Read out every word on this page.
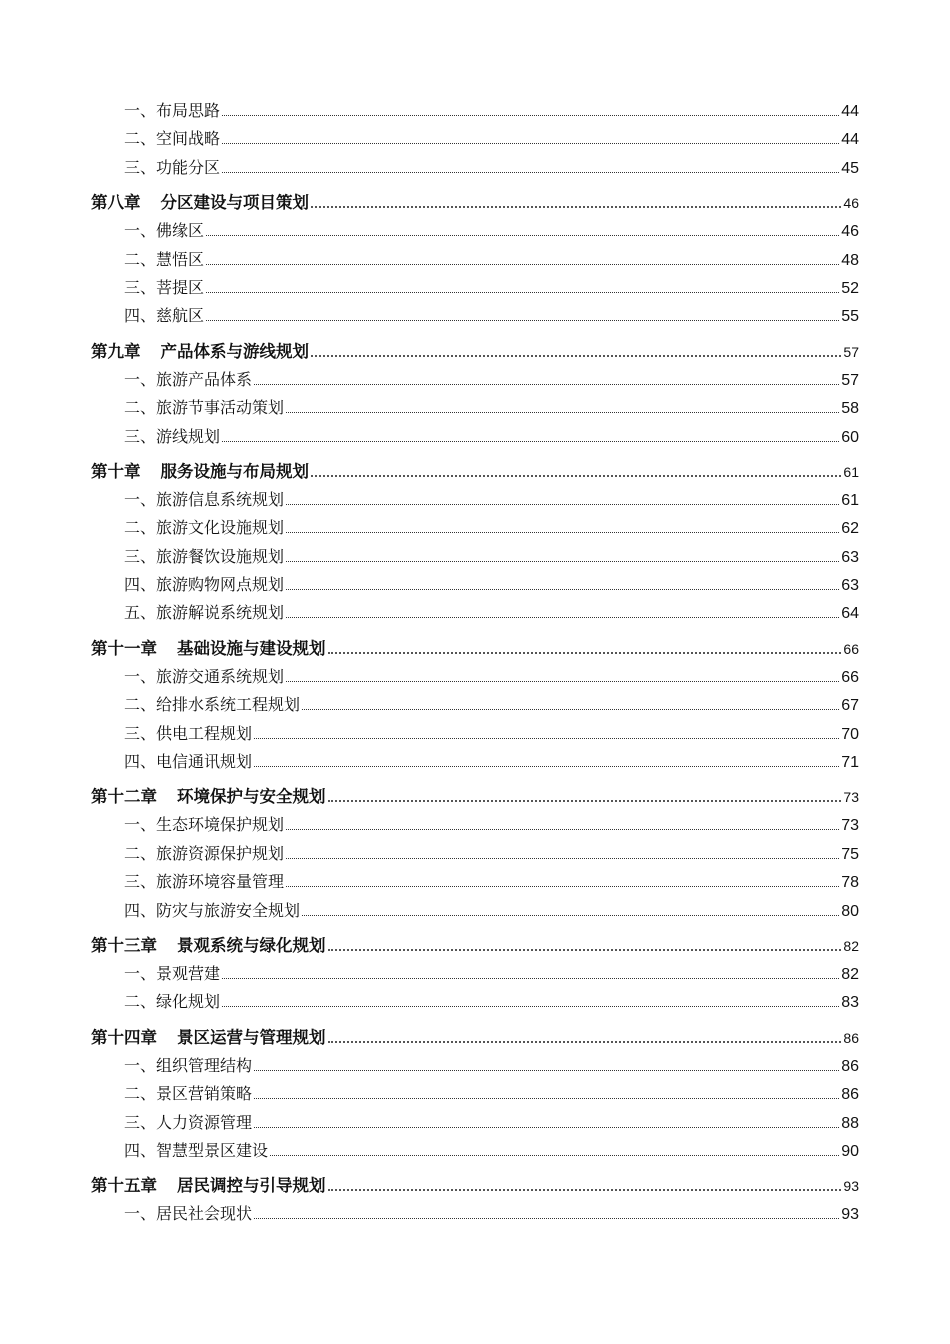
一、布局思路	44
二、空间战略	44
三、功能分区	45
第八章 分区建设与项目策划	46
一、佛缘区	46
二、慧悟区	48
三、菩提区	52
四、慈航区	55
第九章 产品体系与游线规划	57
一、旅游产品体系	57
二、旅游节事活动策划	58
三、游线规划	60
第十章 服务设施与布局规划	61
一、旅游信息系统规划	61
二、旅游文化设施规划	62
三、旅游餐饮设施规划	63
四、旅游购物网点规划	63
五、旅游解说系统规划	64
第十一章 基础设施与建设规划	66
一、旅游交通系统规划	66
二、给排水系统工程规划	67
三、供电工程规划	70
四、电信通讯规划	71
第十二章 环境保护与安全规划	73
一、生态环境保护规划	73
二、旅游资源保护规划	75
三、旅游环境容量管理	78
四、防灾与旅游安全规划	80
第十三章 景观系统与绿化规划	82
一、景观营建	82
二、绿化规划	83
第十四章 景区运营与管理规划	86
一、组织管理结构	86
二、景区营销策略	86
三、人力资源管理	88
四、智慧型景区建设	90
第十五章 居民调控与引导规划	93
一、居民社会现状	93
